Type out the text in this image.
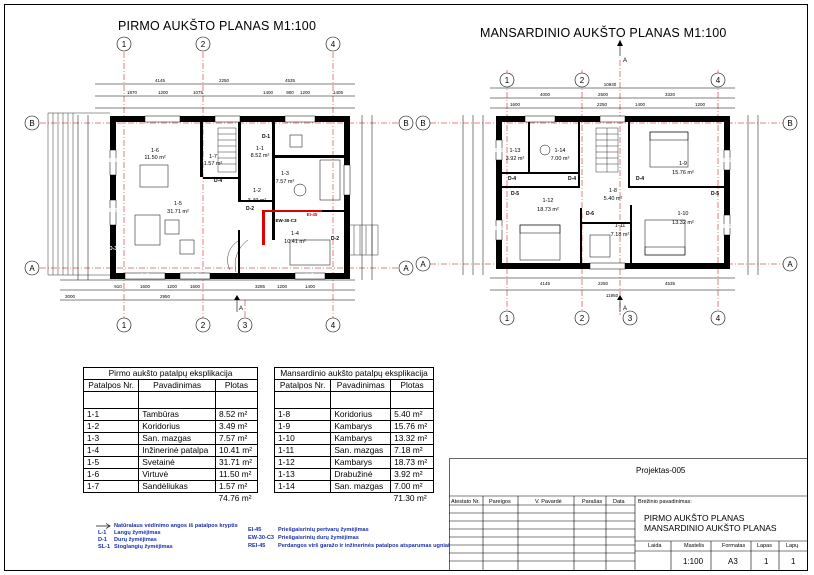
PIRMO AUKŠTO PLANAS M1:100	MANSARDINIO AUKŠTO PLANAS M1:100
1	2	4
1	2	3	4
B	B
A	A
A
4145	2250	4535
1870	1200	1075	1400	900 1200	1405
3000
910	1600	1200	1600
2950
3285	1200	1400
1-6
11.50 m²	1-7
1.57 m²
1-1
8.52 m²
1-3
7.57 m²
1-2
3.49 m²
1-5
31.71 m²
1-4
10.41 m²
L-1	L-1
L-3
L-2
D-3
L-2	L-2	L-3
D-1
D-4
D-2
D-2
EW-30-C3
EI-45
1	2	4
1	2	3	4
B	B
A	A
A
A
10930
4000	2500	3320
1600	1400	1200
2250
4145	2250	4535
11950
1-13
3.92 m²
1-14
7.00 m²
1-9
15.76 m²
1-8
5.40 m²
1-12
18.73 m²
1-11
7.18 m²
1-10
13.32 m²
SL-1	L-4
L-6
L-5
L-5
L-5
SL-1
D-4	D-4	D-4
D-5
D-5
D-6
Pirmo aukšto patalpų eksplikacija		
Patalpos Nr.	Pavadinimas	Plotas

1-1	Tambūras	8.52 m²
1-2	Koridorius	3.49 m²
1-3	San. mazgas	7.57 m²
1-4	Inžinerinė patalpa	10.41 m²
1-5	Svetainė	31.71 m²
1-6	Virtuvė	11.50 m²
1-7	Sandėliukas	1.57 m²
		74.76 m²
Mansardinio aukšto patalpų eksplikacija		
Patalpos Nr.	Pavadinimas	Plotas

1-8	Koridorius	5.40 m²
1-9	Kambarys	15.76 m²
1-10	Kambarys	13.32 m²
1-11	San. mazgas	7.18 m²
1-12	Kambarys	18.73 m²
1-13	Drabužinė	3.92 m²
1-14	San. mazgas	7.00 m²
		71.30 m²
Natūralaus vėdinimo angos iš patalpos kryptis
L-1 Langų žymėjimas
D-1 Durų žymėjimas
SL-1 Stoglangių žymėjimas
EI-45	Priešgaisrinių pertvarų žymėjimas
EW-30-C3 Priešgaisrinių durų žymėjimas
REI-45 Perdangos virš garažo ir inžinerinės patalpos atsparumas ugniai
Projektas-005
Atestato Nr. Pareigos	V. Pavardė	Parašas Data Brėžinio pavadinimas:
PIRMO AUKŠTO PLANAS
MANSARDINIO AUKŠTO PLANAS
Laida	Mastelis	Formatas Lapas	Lapų
1:100	A3	1	1
